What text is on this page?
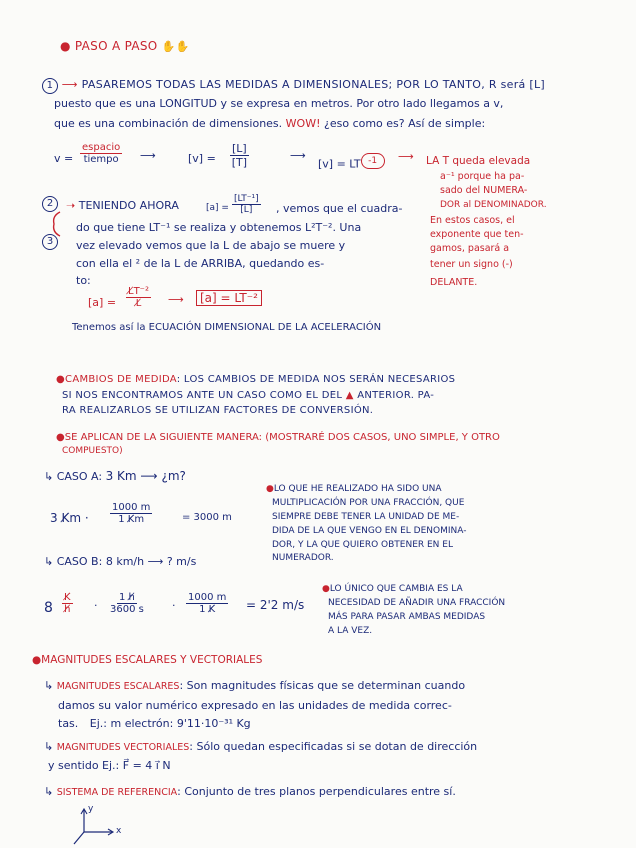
● PASO A PASO ✋✋
1 ⟶ PASAREMOS TODAS LAS MEDIDAS A DIMENSIONALES; POR LO TANTO, R será [L]
puesto que es una LONGITUD y se expresa en metros. Por otro lado llegamos a v,
que es una combinación de dimensiones. WOW! ¿eso como es? Así de simple:
v =
espacio
tiempo ⟶	$[v] = \frac{[L]}{[T]}$	⟶
[v] = LT -1	⟶ LA T queda elevada
a⁻¹ porque ha pa-
sado del NUMERA-
DOR al DENOMINADOR.
En estos casos, el
exponente que ten-
gamos, pasará a
tener un signo (-)
DELANTE.
2
3
➝ TENIENDO AHORA	$[a] = \frac{\text{[LT⁻¹]}}{[L]}$ , vemos que el cuadra-
do que tiene LT⁻¹ se realiza y obtenemos L²T⁻². Una
vez elevado vemos que la L de abajo se muere y
con ella el ² de la L de ARRIBA, quedando es-
to:
$[a] = \frac{\text{L̸T⁻²}}{L̸}$ ⟶	[a] = LT⁻²
Tenemos así la ECUACIÓN DIMENSIONAL DE LA ACELERACIÓN
●CAMBIOS DE MEDIDA: LOS CAMBIOS DE MEDIDA NOS SERÁN NECESARIOS
SI NOS ENCONTRAMOS ANTE UN CASO COMO EL DEL ▲ ANTERIOR. PA-
RA REALIZARLOS SE UTILIZAN FACTORES DE CONVERSIÓN.
●SE APLICAN DE LA SIGUIENTE MANERA: (MOSTRARÉ DOS CASOS, UNO SIMPLE, Y OTRO
COMPUESTO)
↳ CASO A: 3 Km ⟶ ¿m?
3 K̸m · $\frac{1000 m}{1 K̸m}$	= 3000 m
●LO QUE HE REALIZADO HA SIDO UNA
MULTIPLICACIÓN POR UNA FRACCIÓN, QUE
SIEMPRE DEBE TENER LA UNIDAD DE ME-
DIDA DE LA QUE VENGO EN EL DENOMINA-
DOR, Y LA QUE QUIERO OBTENER EN EL
NUMERADOR.
↳ CASO B: 8 km/h ⟶ ? m/s
$8 \frac{K̸}{h̸} \cdot \frac{1 h̸}{3600 s}$	· $\frac{1000 m}{1 K̸} = 2'2$ m/s
●LO ÚNICO QUE CAMBIA ES LA
NECESIDAD DE AÑADIR UNA FRACCIÓN
MÁS PARA PASAR AMBAS MEDIDAS
A LA VEZ.
●MAGNITUDES ESCALARES Y VECTORIALES
↳ MAGNITUDES ESCALARES: Son magnitudes físicas que se determinan cuando
damos su valor numérico expresado en las unidades de medida correc-
tas. Ej.: m electrón: 9'11·10⁻³¹ Kg
↳ MAGNITUDES VECTORIALES: Sólo quedan especificadas si se dotan de dirección
y sentido Ej.: F⃗ = 4 i⃗ N
↳ SISTEMA DE REFERENCIA: Conjunto de tres planos perpendiculares entre sí.
y
x
